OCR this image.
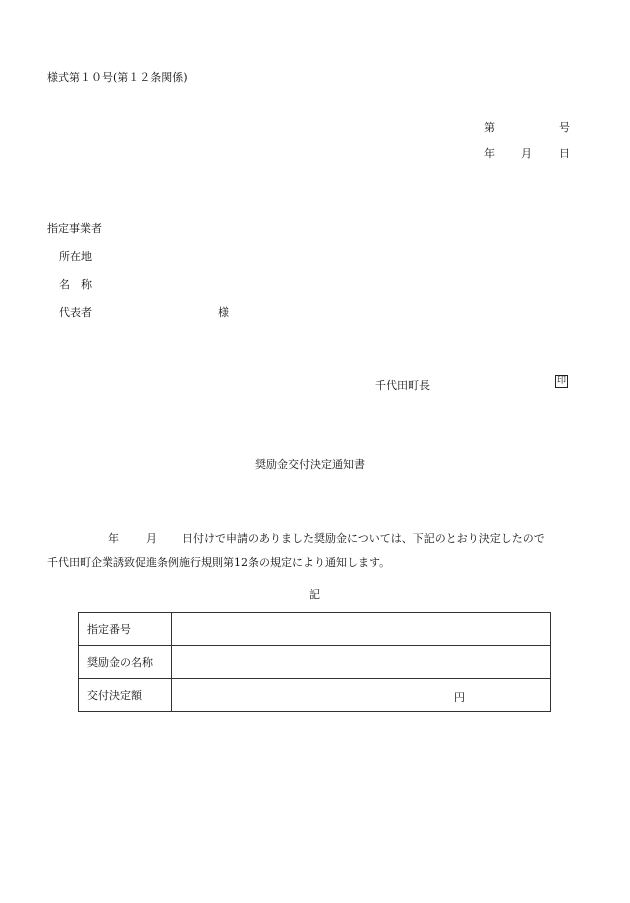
様式第１０号(第１２条関係)
第	号
年 月 日
指定事業者
所在地
名　称
代表者	様
千代田町長	印
奨励金交付決定通知書
年 月 日付けで申請のありました奨励金については、下記のとおり決定したので
千代田町企業誘致促進条例施行規則第12条の規定により通知します。
記
指定番号	
奨励金の名称	
交付決定額	円
